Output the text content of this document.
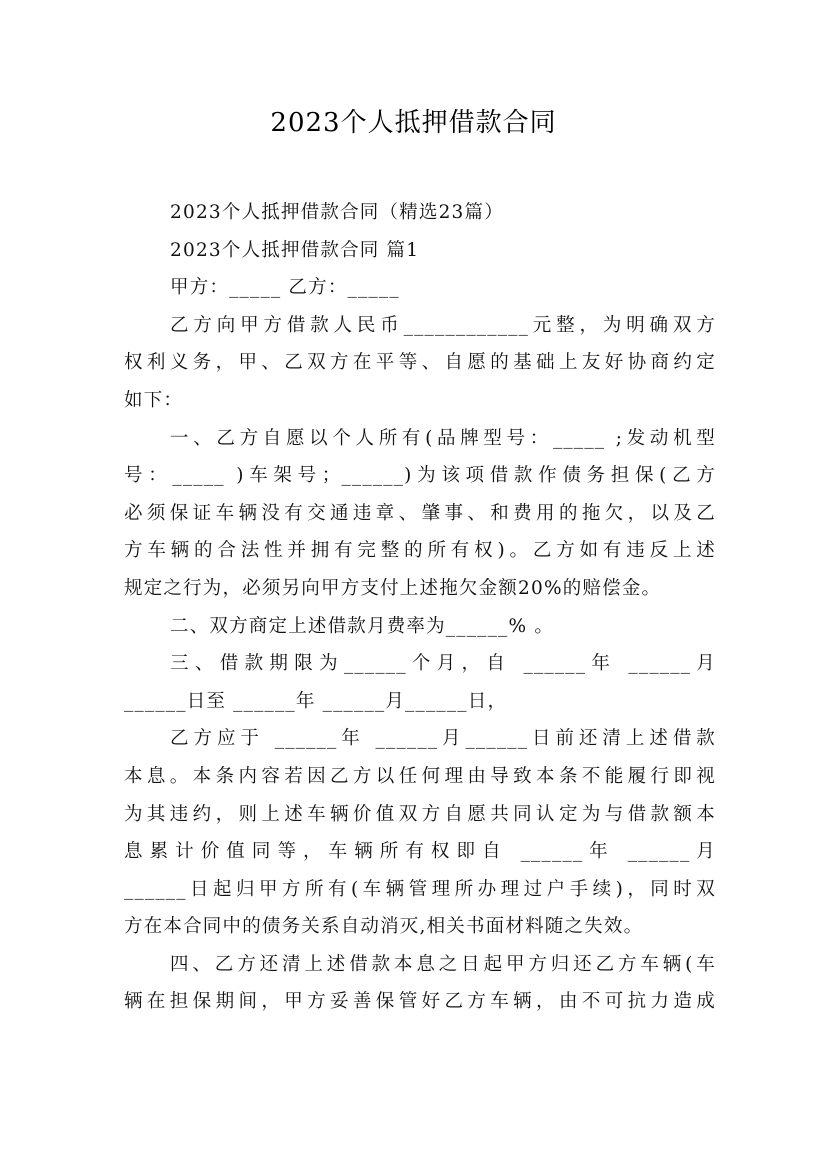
2023个人抵押借款合同
2023个人抵押借款合同（精选23篇）
2023个人抵押借款合同 篇1
甲方：_____ 乙方：_____
乙方向甲方借款人民币____________元整，为明确双方
权利义务，甲、乙双方在平等、自愿的基础上友好协商约定
如下：
一、乙方自愿以个人所有(品牌型号：_____ ;发动机型
号：_____ )车架号；______)为该项借款作债务担保(乙方
必须保证车辆没有交通违章、肇事、和费用的拖欠，以及乙
方车辆的合法性并拥有完整的所有权)。乙方如有违反上述
规定之行为，必须另向甲方支付上述拖欠金额20%的赔偿金。
二、双方商定上述借款月费率为______% 。
三、借款期限为______个月，自 ______年 ______月
______日至 ______年 ______月______日，
乙方应于 ______年 ______月______日前还清上述借款
本息。本条内容若因乙方以任何理由导致本条不能履行即视
为其违约，则上述车辆价值双方自愿共同认定为与借款额本
息累计价值同等，车辆所有权即自 ______年 ______月
______日起归甲方所有(车辆管理所办理过户手续)，同时双
方在本合同中的债务关系自动消灭,相关书面材料随之失效。
四、乙方还清上述借款本息之日起甲方归还乙方车辆(车
辆在担保期间，甲方妥善保管好乙方车辆，由不可抗力造成
